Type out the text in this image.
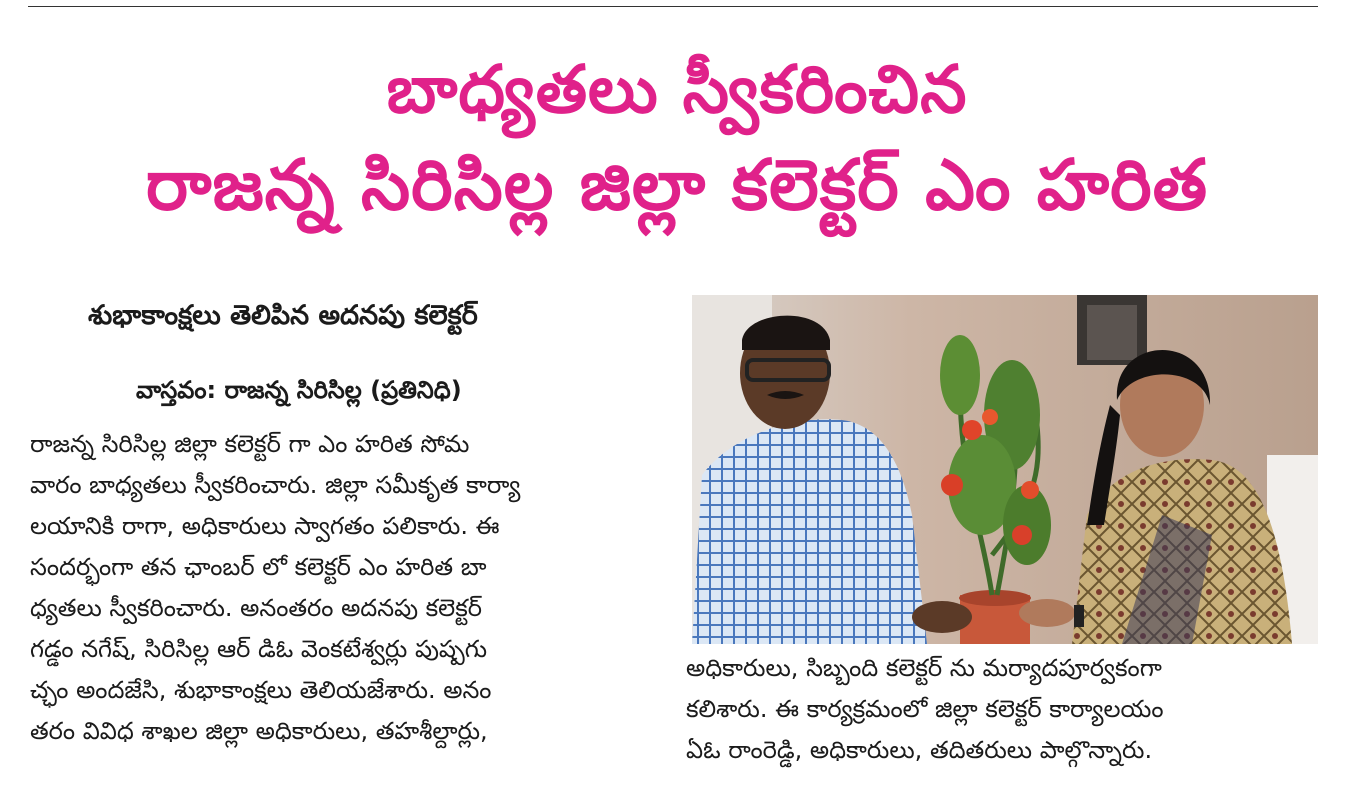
బాధ్యతలు స్వీకరించిన
రాజన్న సిరిసిల్ల జిల్లా కలెక్టర్ ఎం హరిత
శుభాకాంక్షలు తెలిపిన అదనపు కలెక్టర్
వాస్తవం: రాజన్న సిరిసిల్ల (ప్రతినిధి)
రాజన్న సిరిసిల్ల జిల్లా కలెక్టర్ గా ఎం హరిత సోమ
వారం బాధ్యతలు స్వీకరించారు. జిల్లా సమీకృత కార్యా
లయానికి రాగా, అధికారులు స్వాగతం పలికారు. ఈ
సందర్భంగా తన ఛాంబర్ లో కలెక్టర్ ఎం హరిత బా
ధ్యతలు స్వీకరించారు. అనంతరం అదనపు కలెక్టర్
గడ్డం నగేష్, సిరిసిల్ల ఆర్ డిఓ వెంకటేశ్వర్లు పుష్పగు
చ్ఛం అందజేసి, శుభాకాంక్షలు తెలియజేశారు. అనం
తరం వివిధ శాఖల జిల్లా అధికారులు, తహశీల్దార్లు,
అధికారులు, సిబ్బంది కలెక్టర్ ను మర్యాదపూర్వకంగా
కలిశారు. ఈ కార్యక్రమంలో జిల్లా కలెక్టర్ కార్యాలయం
ఏఓ రాంరెడ్డి, అధికారులు, తదితరులు పాల్గొన్నారు.
